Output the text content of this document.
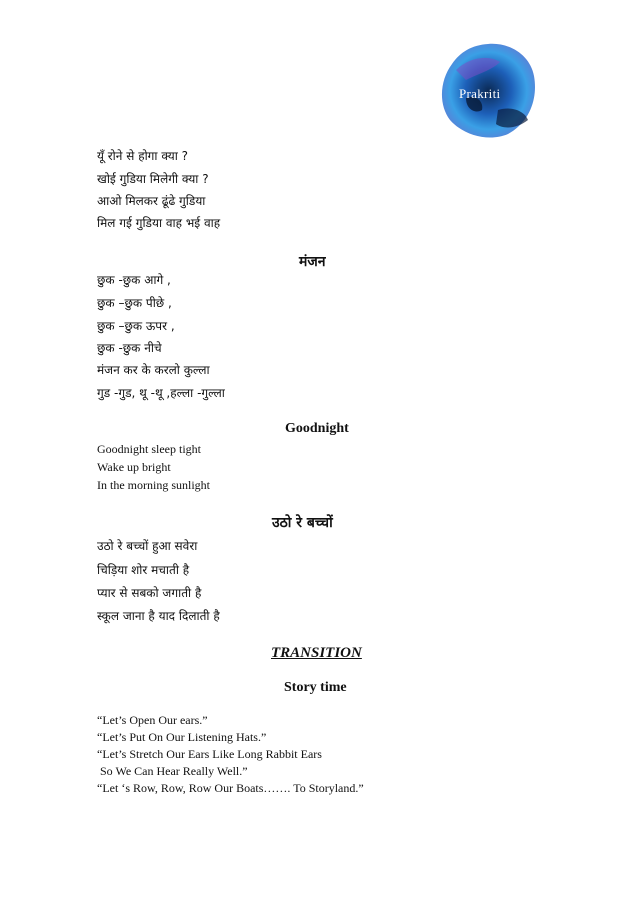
Prakriti
यूँ रोने से होगा क्या ?
खोई गुडिया मिलेगी क्या ?
आओ मिलकर ढूंढे गुडिया
मिल गई गुडिया वाह भई वाह
मंजन
छुक -छुक आगे ,
छुक –छुक पीछे ,
छुक –छुक ऊपर ,
छुक -छुक नीचे
मंजन कर के करलो कुल्ला
गुड -गुड, थू -थू ,हल्ला -गुल्ला
Goodnight
Goodnight sleep tight
Wake up bright
In the morning sunlight
उठो रे बच्चों
उठो रे बच्चों हुआ सवेरा
चिड़िया शोर मचाती है
प्यार से सबको जगाती है
स्कूल जाना है याद दिलाती है
TRANSITION
Story time
“Let’s Open Our ears.”
“Let’s Put On Our Listening Hats.”
“Let’s Stretch Our Ears Like Long Rabbit Ears
So We Can Hear Really Well.”
“Let ‘s Row, Row, Row Our Boats……. To Storyland.”
